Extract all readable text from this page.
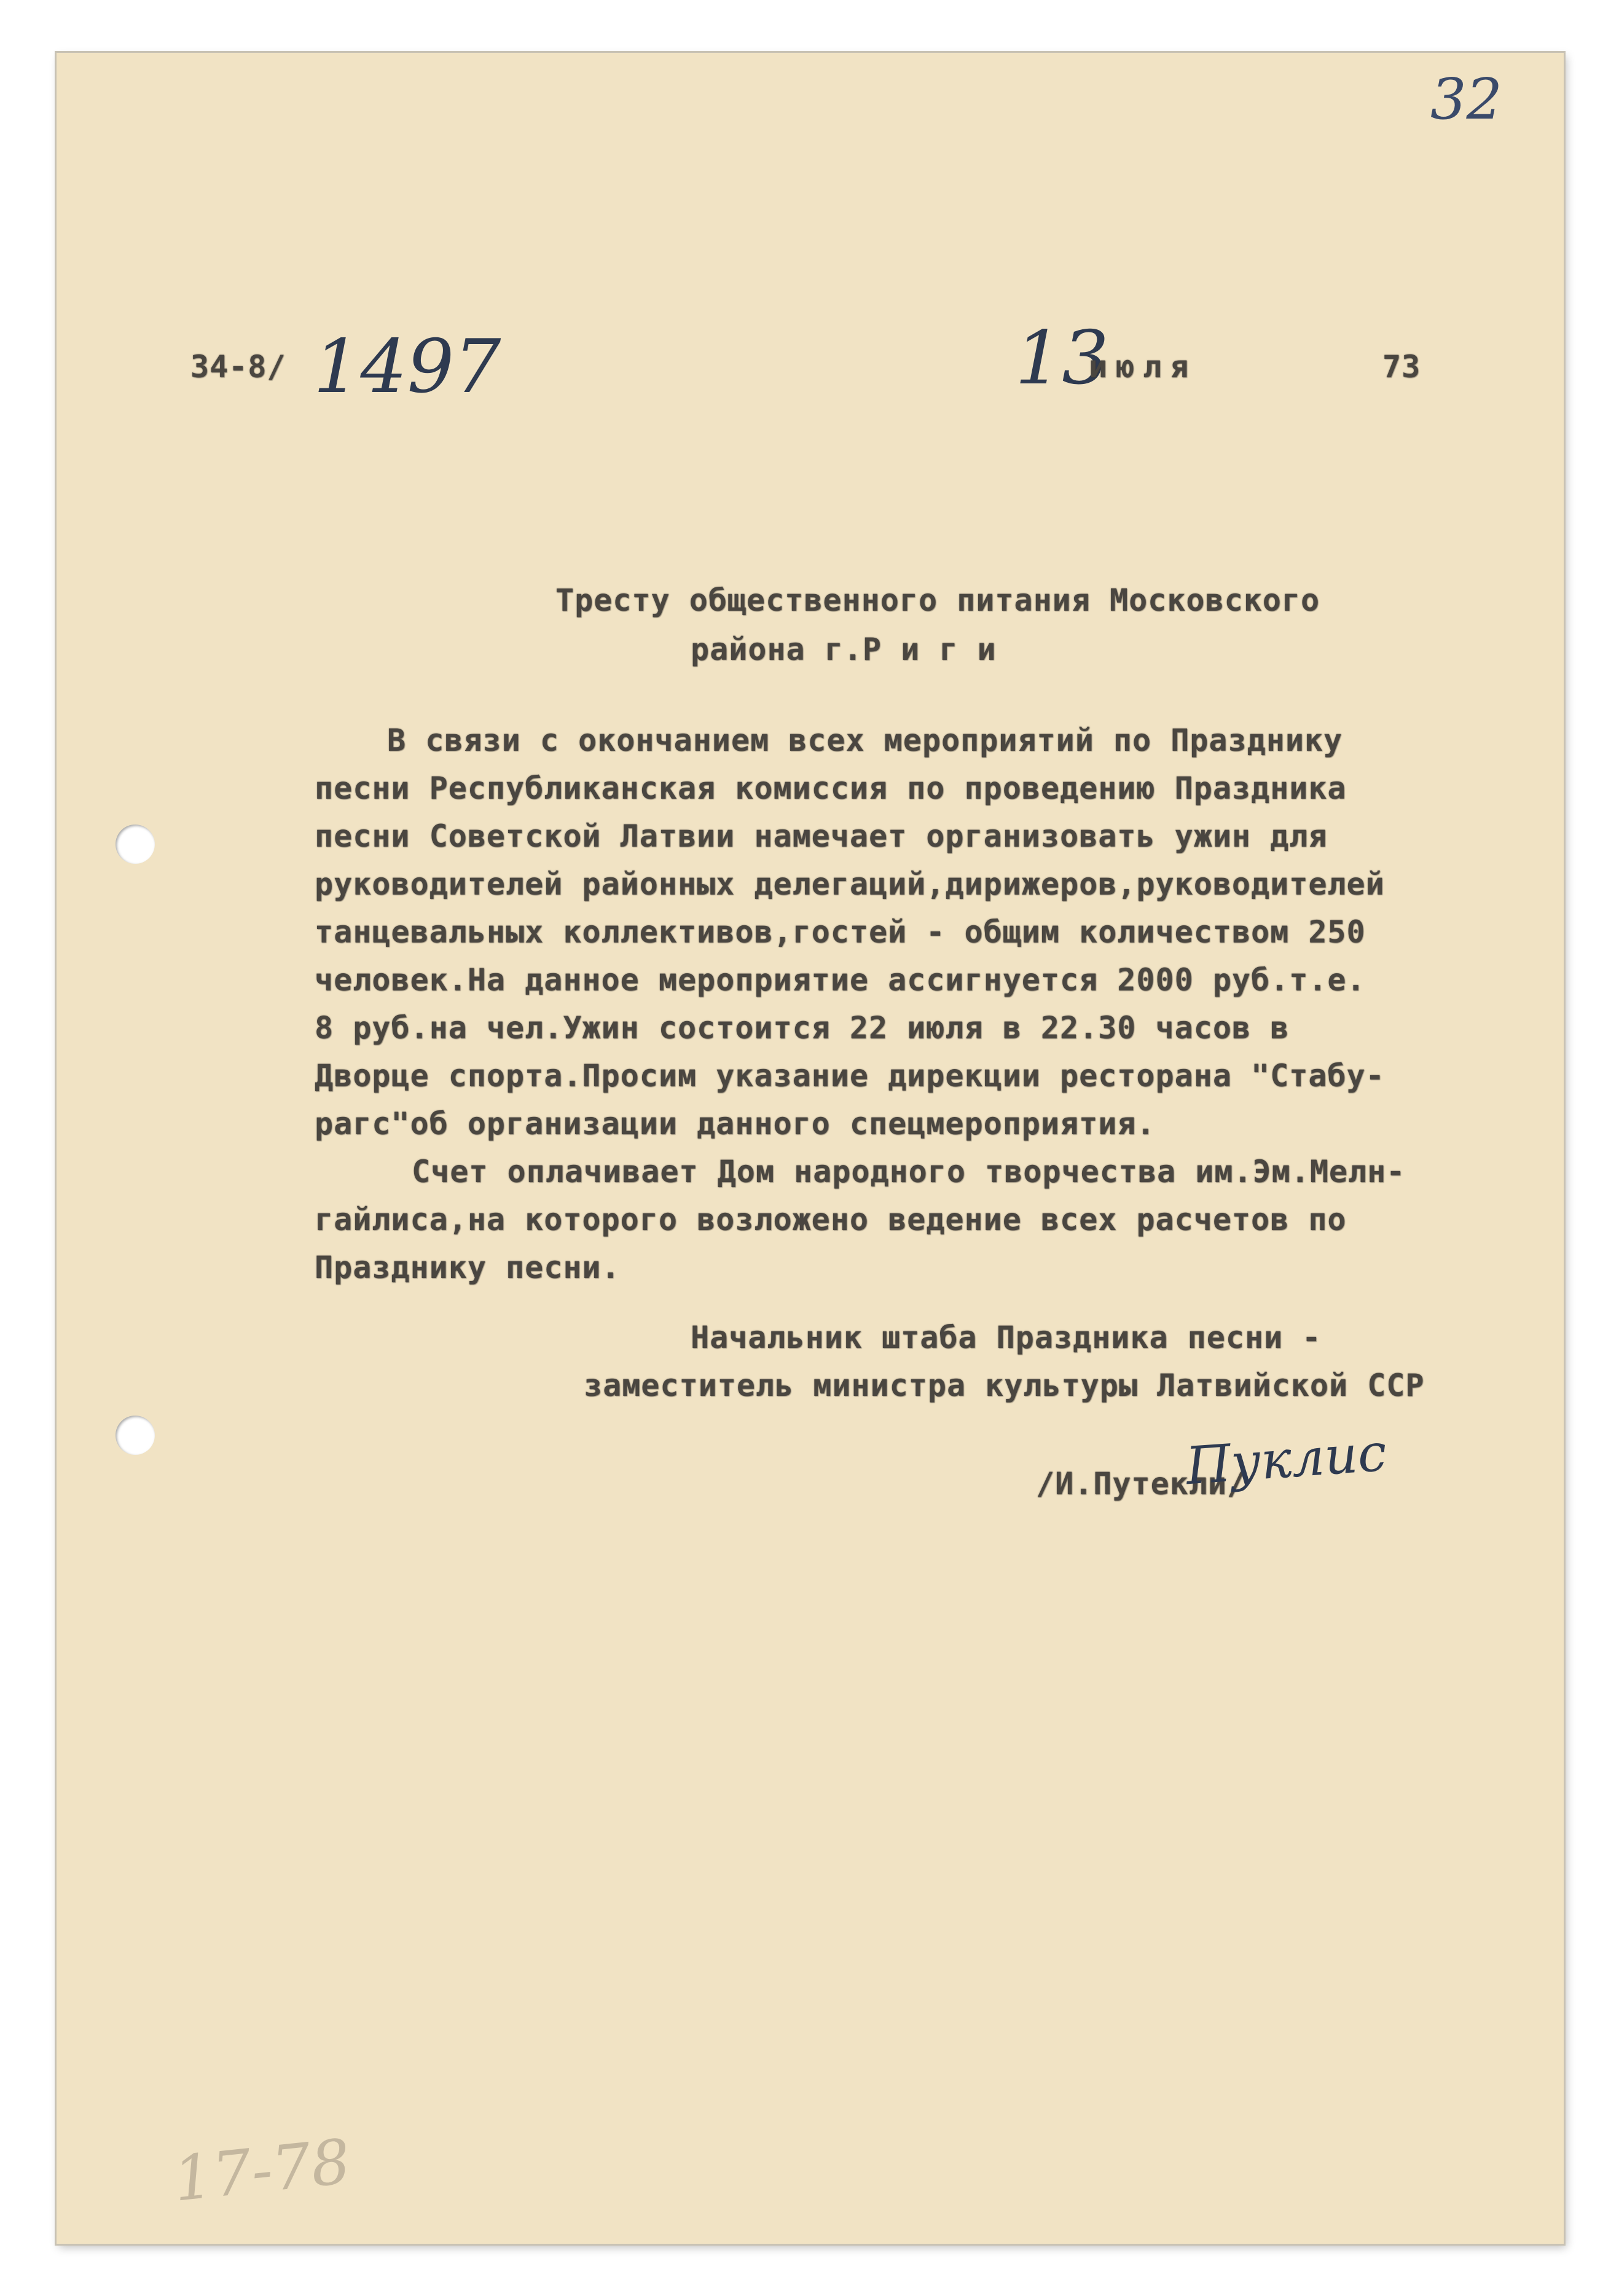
32
34-8/ 1497	13
июля	73
Тресту общественного питания Московского
района г.Р и г и
В связи с окончанием всех мероприятий по Празднику
песни Республиканская комиссия по проведению Праздника
песни Советской Латвии намечает организовать ужин для
руководителей районных делегаций,дирижеров,руководителей
танцевальных коллективов,гостей - общим количеством 250
человек.На данное мероприятие ассигнуется 2000 руб.т.е.
8 руб.на чел.Ужин состоится 22 июля в 22.30 часов в
Дворце спорта.Просим указание дирекции ресторана "Стабу-
рагс"об организации данного спецмероприятия.
Счет оплачивает Дом народного творчества им.Эм.Мелн-
гайлиса,на которого возложено ведение всех расчетов по
Празднику песни.
Начальник штаба Праздника песни -
заместитель министра культуры Латвийской ССР
/И.Путекли/
Пуклис
17-78
